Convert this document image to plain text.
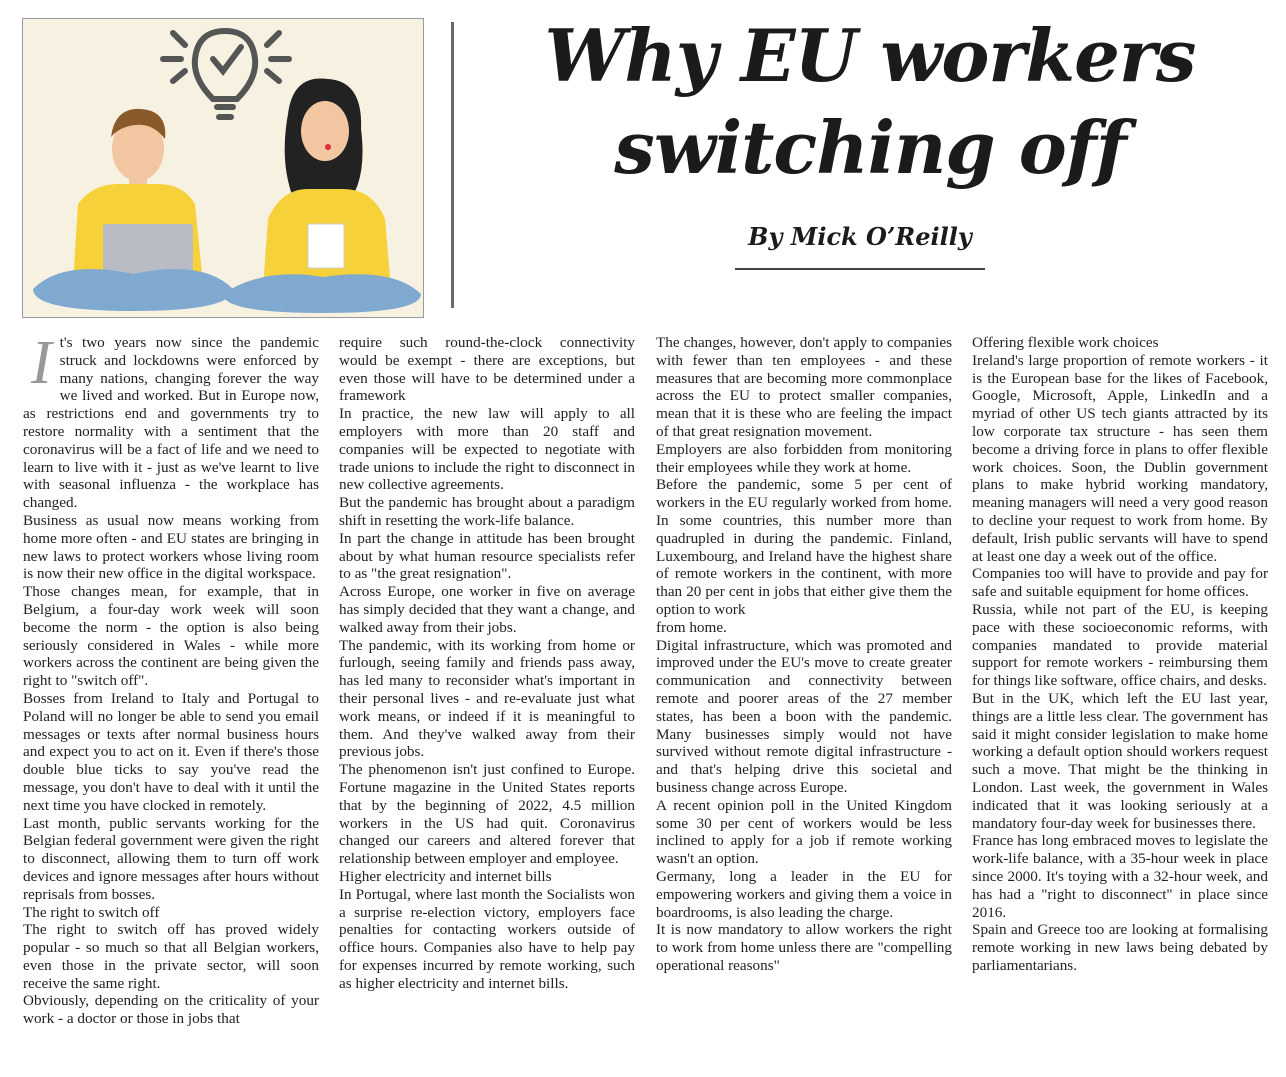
Why EU workers
switching off
By Mick O’Reilly
I t's two years now since the pandemic struck and lockdowns were enforced by many nations, changing forever the way we lived and worked. But in Europe now, as restrictions end and governments try to restore normality with a sentiment that the coronavirus will be a fact of life and we need to learn to live with it - just as we've learnt to live with seasonal influenza - the workplace has changed.

Business as usual now means working from home more often - and EU states are bringing in new laws to protect workers whose living room is now their new office in the digital workspace.

Those changes mean, for example, that in Belgium, a four-day work week will soon become the norm - the option is also being seriously considered in Wales - while more workers across the continent are being given the right to "switch off".

Bosses from Ireland to Italy and Portugal to Poland will no longer be able to send you email messages or texts after normal business hours and expect you to act on it. Even if there's those double blue ticks to say you've read the message, you don't have to deal with it until the next time you have clocked in remotely.

Last month, public servants working for the Belgian federal government were given the right to disconnect, allowing them to turn off work devices and ignore messages after hours without reprisals from bosses.

The right to switch off

The right to switch off has proved widely popular - so much so that all Belgian workers, even those in the private sector, will soon receive the same right.

Obviously, depending on the criticality of your work - a doctor or those in jobs that

require such round-the-clock connectivity would be exempt - there are exceptions, but even those will have to be determined under a framework

In practice, the new law will apply to all employers with more than 20 staff and companies will be expected to negotiate with trade unions to include the right to disconnect in new collective agreements.

But the pandemic has brought about a paradigm shift in resetting the work-life balance.

In part the change in attitude has been brought about by what human resource specialists refer to as "the great resignation".

Across Europe, one worker in five on average has simply decided that they want a change, and walked away from their jobs.

The pandemic, with its working from home or furlough, seeing family and friends pass away, has led many to reconsider what's important in their personal lives - and re-evaluate just what work means, or indeed if it is meaningful to them. And they've walked away from their previous jobs.

The phenomenon isn't just confined to Europe. Fortune magazine in the United States reports that by the beginning of 2022, 4.5 million workers in the US had quit. Coronavirus changed our careers and altered forever that relationship between employer and employee.

Higher electricity and internet bills

In Portugal, where last month the Socialists won a surprise re-election victory, employers face penalties for contacting workers outside of office hours. Companies also have to help pay for expenses incurred by remote working, such as higher electricity and internet bills.

The changes, however, don't apply to companies with fewer than ten employees - and these measures that are becoming more commonplace across the EU to protect smaller companies, mean that it is these who are feeling the impact of that great resignation movement.

Employers are also forbidden from monitoring their employees while they work at home.

Before the pandemic, some 5 per cent of workers in the EU regularly worked from home. In some countries, this number more than quadrupled in during the pandemic. Finland, Luxembourg, and Ireland have the highest share of remote workers in the continent, with more than 20 per cent in jobs that either give them the option to work

from home.

Digital infrastructure, which was promoted and improved under the EU's move to create greater communication and connectivity between remote and poorer areas of the 27 member states, has been a boon with the pandemic. Many businesses simply would not have survived without remote digital infrastructure - and that's helping drive this societal and business change across Europe.

A recent opinion poll in the United Kingdom some 30 per cent of workers would be less inclined to apply for a job if remote working wasn't an option.

Germany, long a leader in the EU for empowering workers and giving them a voice in boardrooms, is also leading the charge.

It is now mandatory to allow workers the right to work from home unless there are "compelling operational reasons"

Offering flexible work choices

Ireland's large proportion of remote workers - it is the European base for the likes of Facebook, Google, Microsoft, Apple, LinkedIn and a myriad of other US tech giants attracted by its low corporate tax structure - has seen them become a driving force in plans to offer flexible work choices. Soon, the Dublin government plans to make hybrid working mandatory, meaning managers will need a very good reason to decline your request to work from home. By default, Irish public servants will have to spend at least one day a week out of the office.

Companies too will have to provide and pay for safe and suitable equipment for home offices.

Russia, while not part of the EU, is keeping pace with these socioeconomic reforms, with companies mandated to provide material support for remote workers - reimbursing them for things like software, office chairs, and desks.

But in the UK, which left the EU last year, things are a little less clear. The government has said it might consider legislation to make home working a default option should workers request such a move. That might be the thinking in London. Last week, the government in Wales indicated that it was looking seriously at a mandatory four-day week for businesses there.

France has long embraced moves to legislate the work-life balance, with a 35-hour week in place since 2000. It's toying with a 32-hour week, and has had a "right to disconnect" in place since 2016.

Spain and Greece too are looking at formalising remote working in new laws being debated by parliamentarians.
